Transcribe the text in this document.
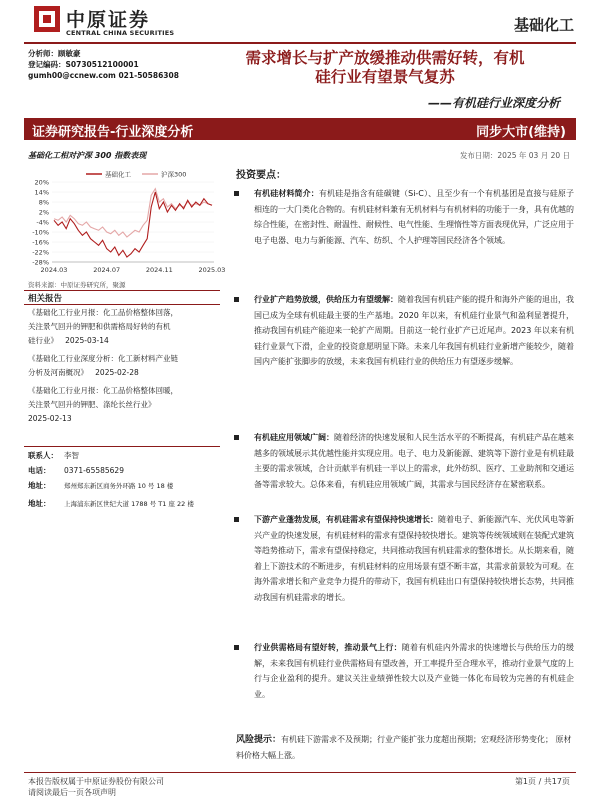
中原证券
CENTRAL CHINA SECURITIES	基础化工
分析师：顾敏豪
登记编码：S0730512100001
gumh00@ccnew.com 021-50586308
需求增长与扩产放缓推动供需好转，有机
硅行业有望景气复苏
——有机硅行业深度分析
证券研究报告-行业深度分析	同步大市(维持)
基础化工相对沪深 300 指数表现	发布日期：2025 年 03 月 20 日
20%
14%
8%
2%
-4%
-10%
-16%
-22%
-28%
2024.03	2024.07	2024.11	2025.03
基础化工	沪深300
资料来源：中原证券研究所，聚源
相关报告
《基础化工行业月报：化工品价格整体回落，
关注景气回升的钾肥和供需格局好转的有机
硅行业》 2025-03-14
《基础化工行业深度分析：化工新材料产业链
分析及河南概况》 2025-02-28
《基础化工行业月报：化工品价格整体回暖，
关注景气回升的钾肥、涤纶长丝行业》
2025-02-13
联系人： 李智
电话： 0371-65585629
地址： 郑州郑东新区商务外环路 10 号 18 楼
地址： 上海浦东新区世纪大道 1788 号 T1 座 22 楼
投资要点：
有机硅材料简介：有机硅是指含有硅碳键（Si-C）、且至少有一个有机基团是直接与硅原子相连的一大门类化合物的。有机硅材料兼有无机材料与有机材料的功能于一身，具有优越的综合性能，在密封性、耐温性、耐候性、电气性能、生理惰性等方面表现优异，广泛应用于电子电器、电力与新能源、汽车、纺织、个人护理等国民经济各个领域。
行业扩产趋势放缓，供给压力有望缓解：随着我国有机硅产能的提升和海外产能的退出，我国已成为全球有机硅最主要的生产基地。2020 年以来，有机硅行业景气和盈利显著提升，推动我国有机硅产能迎来一轮扩产周期。目前这一轮行业扩产已近尾声。2023 年以来有机硅行业景气下滑，企业的投资意愿明显下降。未来几年我国有机硅行业新增产能较少，随着国内产能扩张脚步的放缓，未来我国有机硅行业的供给压力有望逐步缓解。
有机硅应用领域广阔：随着经济的快速发展和人民生活水平的不断提高，有机硅产品在越来越多的领域展示其优越性能并实现应用。电子、电力及新能源、建筑等下游行业是有机硅最主要的需求领域，合计贡献半有机硅一半以上的需求，此外纺织、医疗、工业助剂和交通运备等需求较大。总体来看，有机硅应用领域广阔，其需求与国民经济存在紧密联系。
下游产业蓬勃发展，有机硅需求有望保持快速增长：随着电子、新能源汽车、光伏风电等新兴产业的快速发展，有机硅材料的需求有望保持较快增长。建筑等传统领域则在装配式建筑等趋势推动下，需求有望保持稳定，共同推动我国有机硅需求的整体增长。从长期来看，随着上下游技术的不断进步，有机硅材料的应用场景有望不断丰富，其需求前景较为可观。在海外需求增长和产业竞争力提升的带动下，我国有机硅出口有望保持较快增长态势，共同推动我国有机硅需求的增长。
行业供需格局有望好转，推动景气上行：随着有机硅内外需求的快速增长与供给压力的缓解，未来我国有机硅行业供需格局有望改善，开工率提升至合理水平，推动行业景气度的上行与企业盈利的提升。建议关注业绩弹性较大以及产业链一体化布局较为完善的有机硅企业。
风险提示：有机硅下游需求不及预期；行业产能扩张力度超出预期；宏观经济形势变化； 原材料价格大幅上涨。
本报告版权属于中原证券股份有限公司
请阅读最后一页各项声明
第1页 / 共17页
